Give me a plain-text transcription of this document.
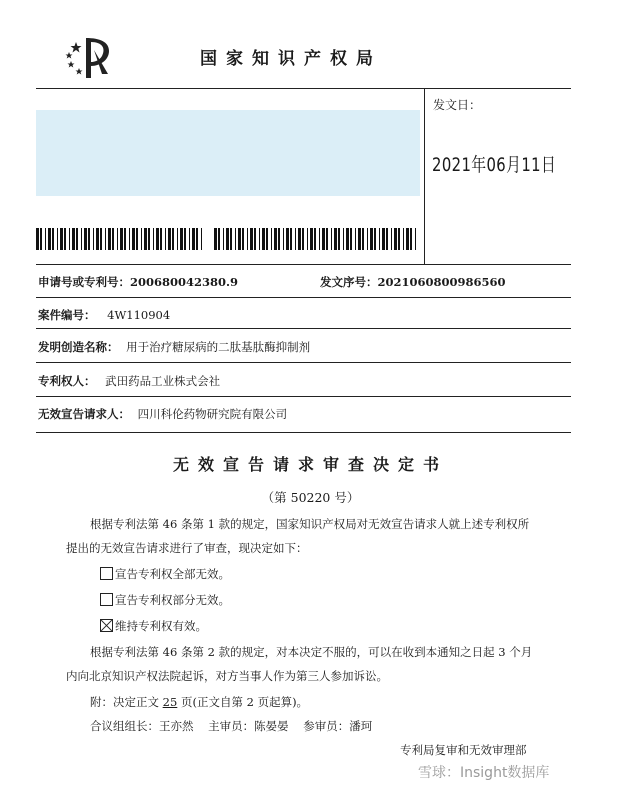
国家知识产权局
发文日：
2021年06月11日
申请号或专利号：200680042380.9	发文序号：2021060800986560
案件编号： 4W110904
发明创造名称： 用于治疗糖尿病的二肽基肽酶抑制剂
专利权人： 武田药品工业株式会社
无效宣告请求人： 四川科伦药物研究院有限公司
无效宣告请求审查决定书
（第 50220 号）
根据专利法第 46 条第 1 款的规定，国家知识产权局对无效宣告请求人就上述专利权所
提出的无效宣告请求进行了审查，现决定如下：
宣告专利权全部无效。
宣告专利权部分无效。
维持专利权有效。
根据专利法第 46 条第 2 款的规定，对本决定不服的，可以在收到本通知之日起 3 个月
内向北京知识产权法院起诉，对方当事人作为第三人参加诉讼。
附：决定正文 25 页(正文自第 2 页起算)。
合议组组长：王亦然    主审员：陈晏晏    参审员：潘珂
专利局复审和无效审理部
雪球：Insight数据库
